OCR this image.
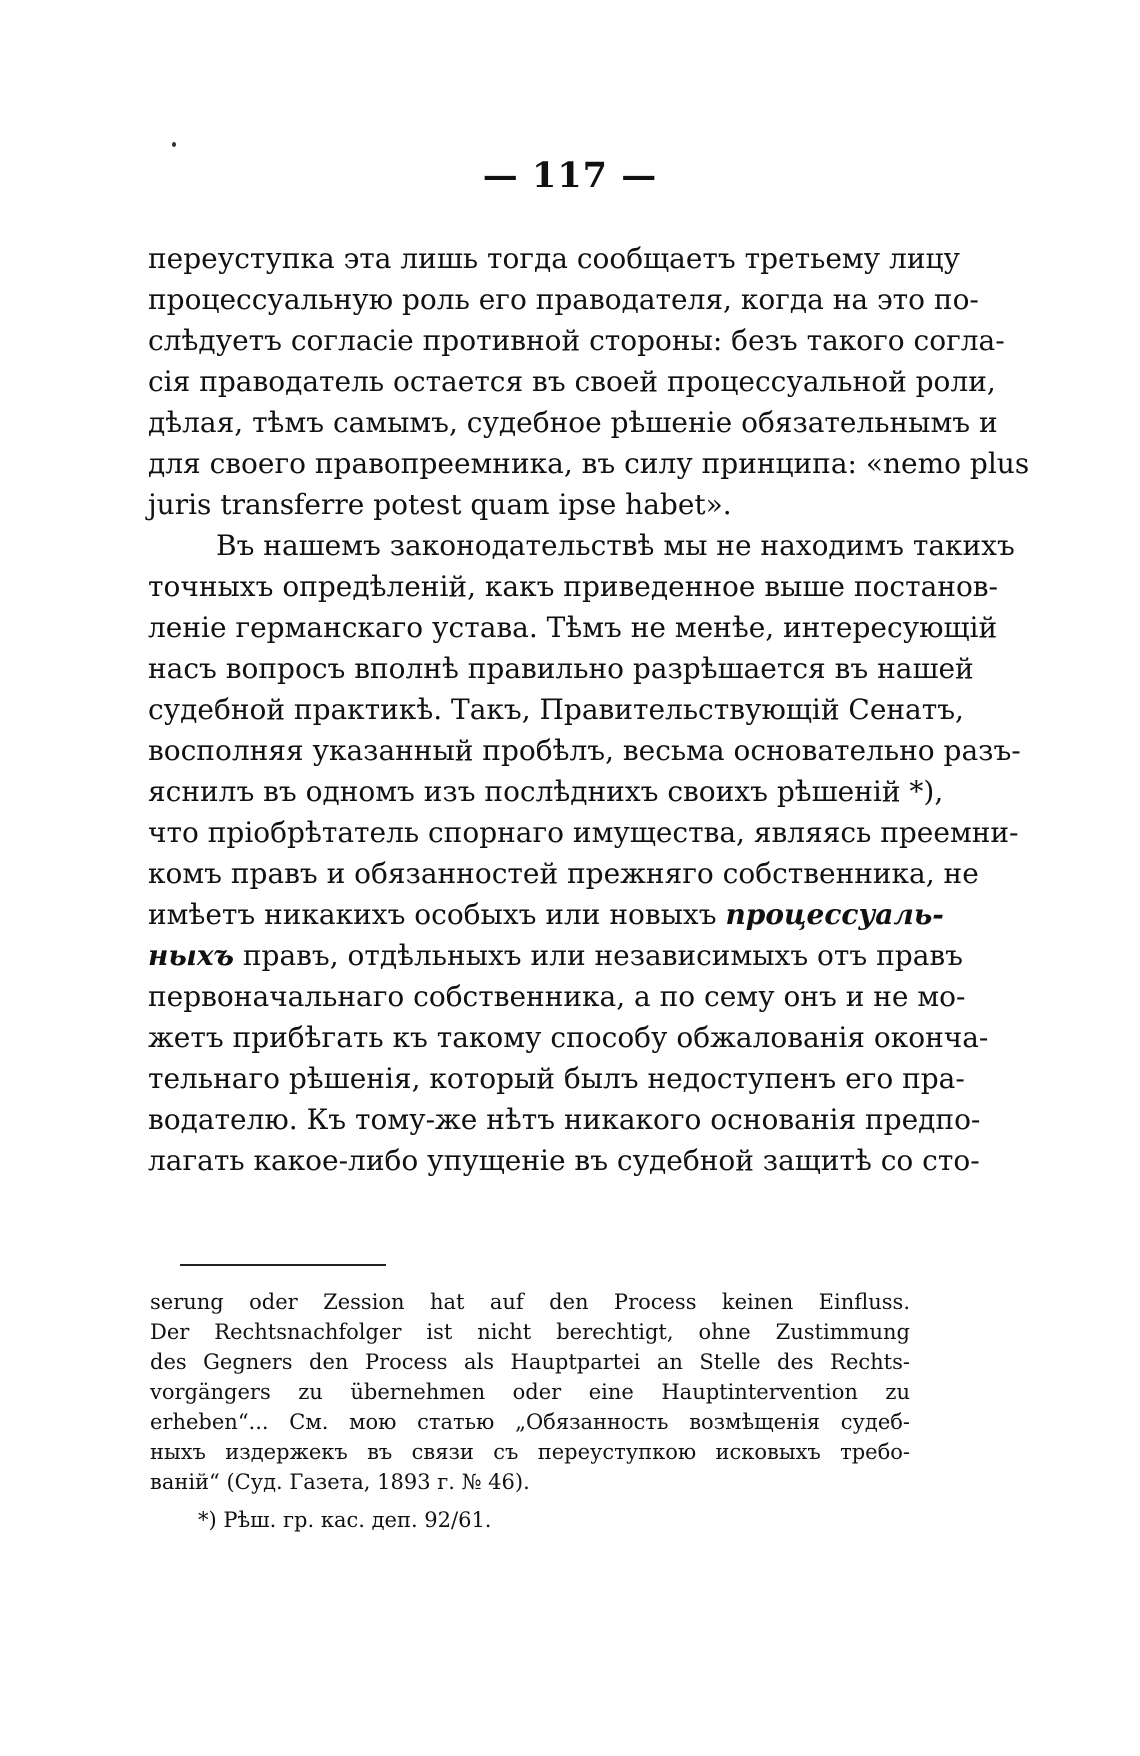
— 117 —
переуступка эта лишь тогда сообщаетъ третьему лицу
процессуальную роль его праводателя, когда на это по-
слѣдуетъ согласіе противной стороны: безъ такого согла-
сія праводатель остается въ своей процессуальной роли,
дѣлая, тѣмъ самымъ, судебное рѣшеніе обязательнымъ и
для своего правопреемника, въ силу принципа: «nemo plus
juris transferre potest quam ipse habet».
Въ нашемъ законодательствѣ мы не находимъ такихъ
точныхъ опредѣленій, какъ приведенное выше постанов-
леніе германскаго устава. Тѣмъ не менѣе, интересующій
насъ вопросъ вполнѣ правильно разрѣшается въ нашей
судебной практикѣ. Такъ, Правительствующій Сенатъ,
восполняя указанный пробѣлъ, весьма основательно разъ-
яснилъ въ одномъ изъ послѣднихъ своихъ рѣшеній *),
что пріобрѣтатель спорнаго имущества, являясь преемни-
комъ правъ и обязанностей прежняго собственника, не
имѣетъ никакихъ особыхъ или новыхъ процессуаль-
ныхъ правъ, отдѣльныхъ или независимыхъ отъ правъ
первоначальнаго собственника, а по сему онъ и не мо-
жетъ прибѣгать къ такому способу обжалованія оконча-
тельнаго рѣшенія, который былъ недоступенъ его пра-
водателю. Къ тому-же нѣтъ никакого основанія предпо-
лагать какое-либо упущеніе въ судебной защитѣ со сто-
serung oder Zession hat auf den Process keinen Einfluss.
Der Rechtsnachfolger ist nicht berechtigt, ohne Zustimmung
des Gegners den Process als Hauptpartei an Stelle des Rechts-
vorgängers zu übernehmen oder eine Hauptintervention zu
erheben“... См. мою статью „Обязанность возмѣщенія судеб-
ныхъ издержекъ въ связи съ переуступкою исковыхъ требо-
ваній“ (Суд. Газета, 1893 г. № 46).
*) Рѣш. гр. кас. деп. 92/61.
